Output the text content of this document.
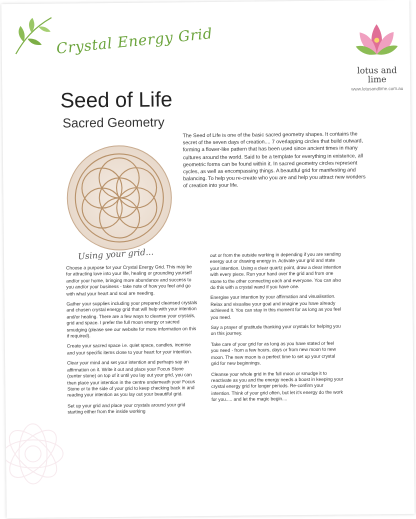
Crystal Energy Grid
Seed of Life
Sacred Geometry
lotus and lime
www.lotusandlime.com.au

The Seed of Life is one of the basic sacred geometry shapes. It contains the secret of the seven days of creation.... 7 overlapping circles that build outward, forming a flower-like pattern that has been used since ancient times in many cultures around the world. Said to be a template for everything in existence, all geometric forms can be found within it. In sacred geometry circles represent cycles, as well as encompassing things. A beautiful grid for manifesting and balancing. To help you re-create who you are and help you attract new wonders of creation into your life.

Using your grid...

Choose a purpose for your Crystal Energy Grid. This may be for attracting love into your life, healing or grounding yourself and/or your home, bringing more abundance and success to you and/or your business - take note of how you feel and go with what your heart and soul are needing.

Gather your supplies including your prepared cleansed crystals and chosen crystal energy grid that will help with your intention and/or healing. There are a few ways to cleanse your crystals, grid and space. I prefer the full moon energy or sacred smudging (please see our website for more information on this if required).

Create your sacred space i.e. quiet space, candles, incense and your specific items close to your heart for your intention.

Clear your mind and set your intention and perhaps say an affirmation on it. Write it out and place your Focus Stone (center stone) on top of it until you lay out your grid, you can then place your intention in the centre underneath your Focus Stone or to the side of your grid to keep checking back in and reading your intention as you lay out your beautiful grid.

Set up your grid and place your crystals around your grid starting either from the inside working

out or from the outside working in depending if you are sending energy out or drawing energy in. Activate your grid and state your intention. Using a clear quartz point, draw a clear intention with every piece. Run your hand over the grid and from one stone to the other connecting each and everyone. You can also do this with a crystal wand if you have one.

Energise your intention by your affirmation and visualisation. Relax and visualise your goal and imagine you have already achieved it. You can stay in this moment for as long as you feel you need.

Say a prayer of gratitude thanking your crystals for helping you on this journey.

Take care of your grid for as long as you have stated or feel you need - from a few hours, days or from new moon to new moon. The new moon is a perfect time to set up your crystal grid for new beginnings.

Cleanse your whole grid in the full moon or smudge it to reactivate as you and the energy needs a boost in keeping your crystal energy grid for longer periods. Re-confirm your intention. Think of your grid often, but let it's energy do the work for you..... and let the magic begin....
